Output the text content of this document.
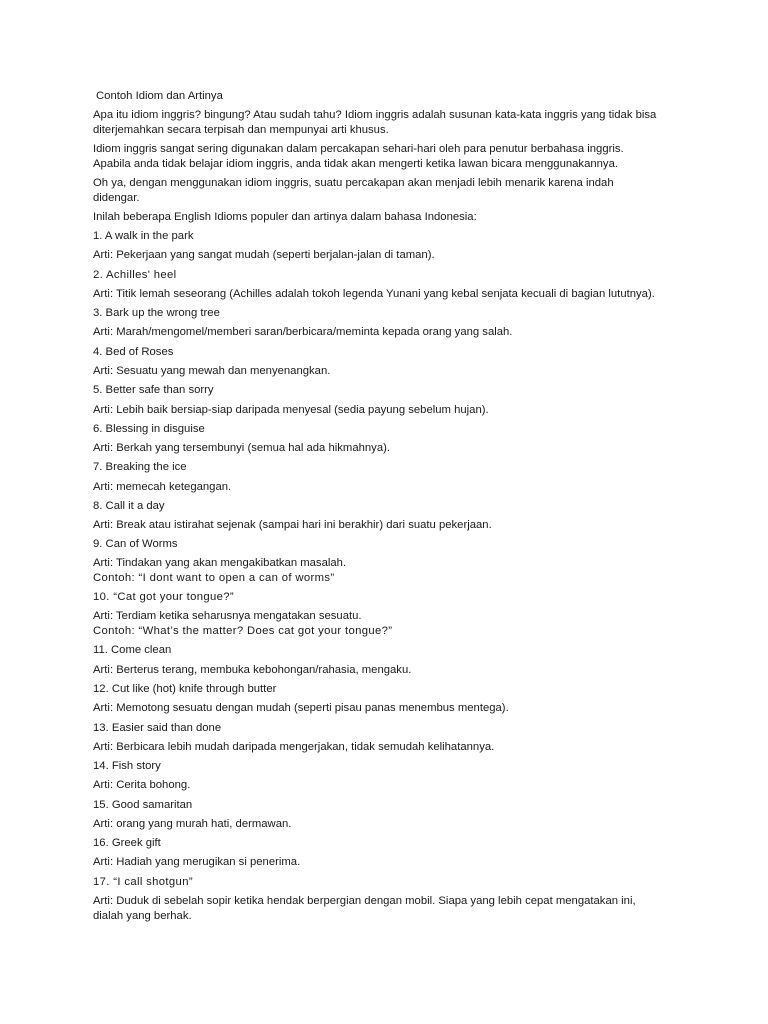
Contoh Idiom dan Artinya
Apa itu idiom inggris? bingung? Atau sudah tahu? Idiom inggris adalah susunan kata-kata inggris yang tidak bisa
diterjemahkan secara terpisah dan mempunyai arti khusus.
Idiom inggris sangat sering digunakan dalam percakapan sehari-hari oleh para penutur berbahasa inggris.
Apabila anda tidak belajar idiom inggris, anda tidak akan mengerti ketika lawan bicara menggunakannya.
Oh ya, dengan menggunakan idiom inggris, suatu percakapan akan menjadi lebih menarik karena indah
didengar.
Inilah beberapa English Idioms populer dan artinya dalam bahasa Indonesia:
1. A walk in the park
Arti: Pekerjaan yang sangat mudah (seperti berjalan-jalan di taman).
2. Achilles' heel
Arti: Titik lemah seseorang (Achilles adalah tokoh legenda Yunani yang kebal senjata kecuali di bagian lututnya).
3. Bark up the wrong tree
Arti: Marah/mengomel/memberi saran/berbicara/meminta kepada orang yang salah.
4. Bed of Roses
Arti: Sesuatu yang mewah dan menyenangkan.
5. Better safe than sorry
Arti: Lebih baik bersiap-siap daripada menyesal (sedia payung sebelum hujan).
6. Blessing in disguise
Arti: Berkah yang tersembunyi (semua hal ada hikmahnya).
7. Breaking the ice
Arti: memecah ketegangan.
8. Call it a day
Arti: Break atau istirahat sejenak (sampai hari ini berakhir) dari suatu pekerjaan.
9. Can of Worms
Arti: Tindakan yang akan mengakibatkan masalah.
Contoh: “I dont want to open a can of worms”
10. “Cat got your tongue?”
Arti: Terdiam ketika seharusnya mengatakan sesuatu.
Contoh: “What’s the matter? Does cat got your tongue?”
11. Come clean
Arti: Berterus terang, membuka kebohongan/rahasia, mengaku.
12. Cut like (hot) knife through butter
Arti: Memotong sesuatu dengan mudah (seperti pisau panas menembus mentega).
13. Easier said than done
Arti: Berbicara lebih mudah daripada mengerjakan, tidak semudah kelihatannya.
14. Fish story
Arti: Cerita bohong.
15. Good samaritan
Arti: orang yang murah hati, dermawan.
16. Greek gift
Arti: Hadiah yang merugikan si penerima.
17. “I call shotgun”
Arti: Duduk di sebelah sopir ketika hendak berpergian dengan mobil. Siapa yang lebih cepat mengatakan ini,
dialah yang berhak.
